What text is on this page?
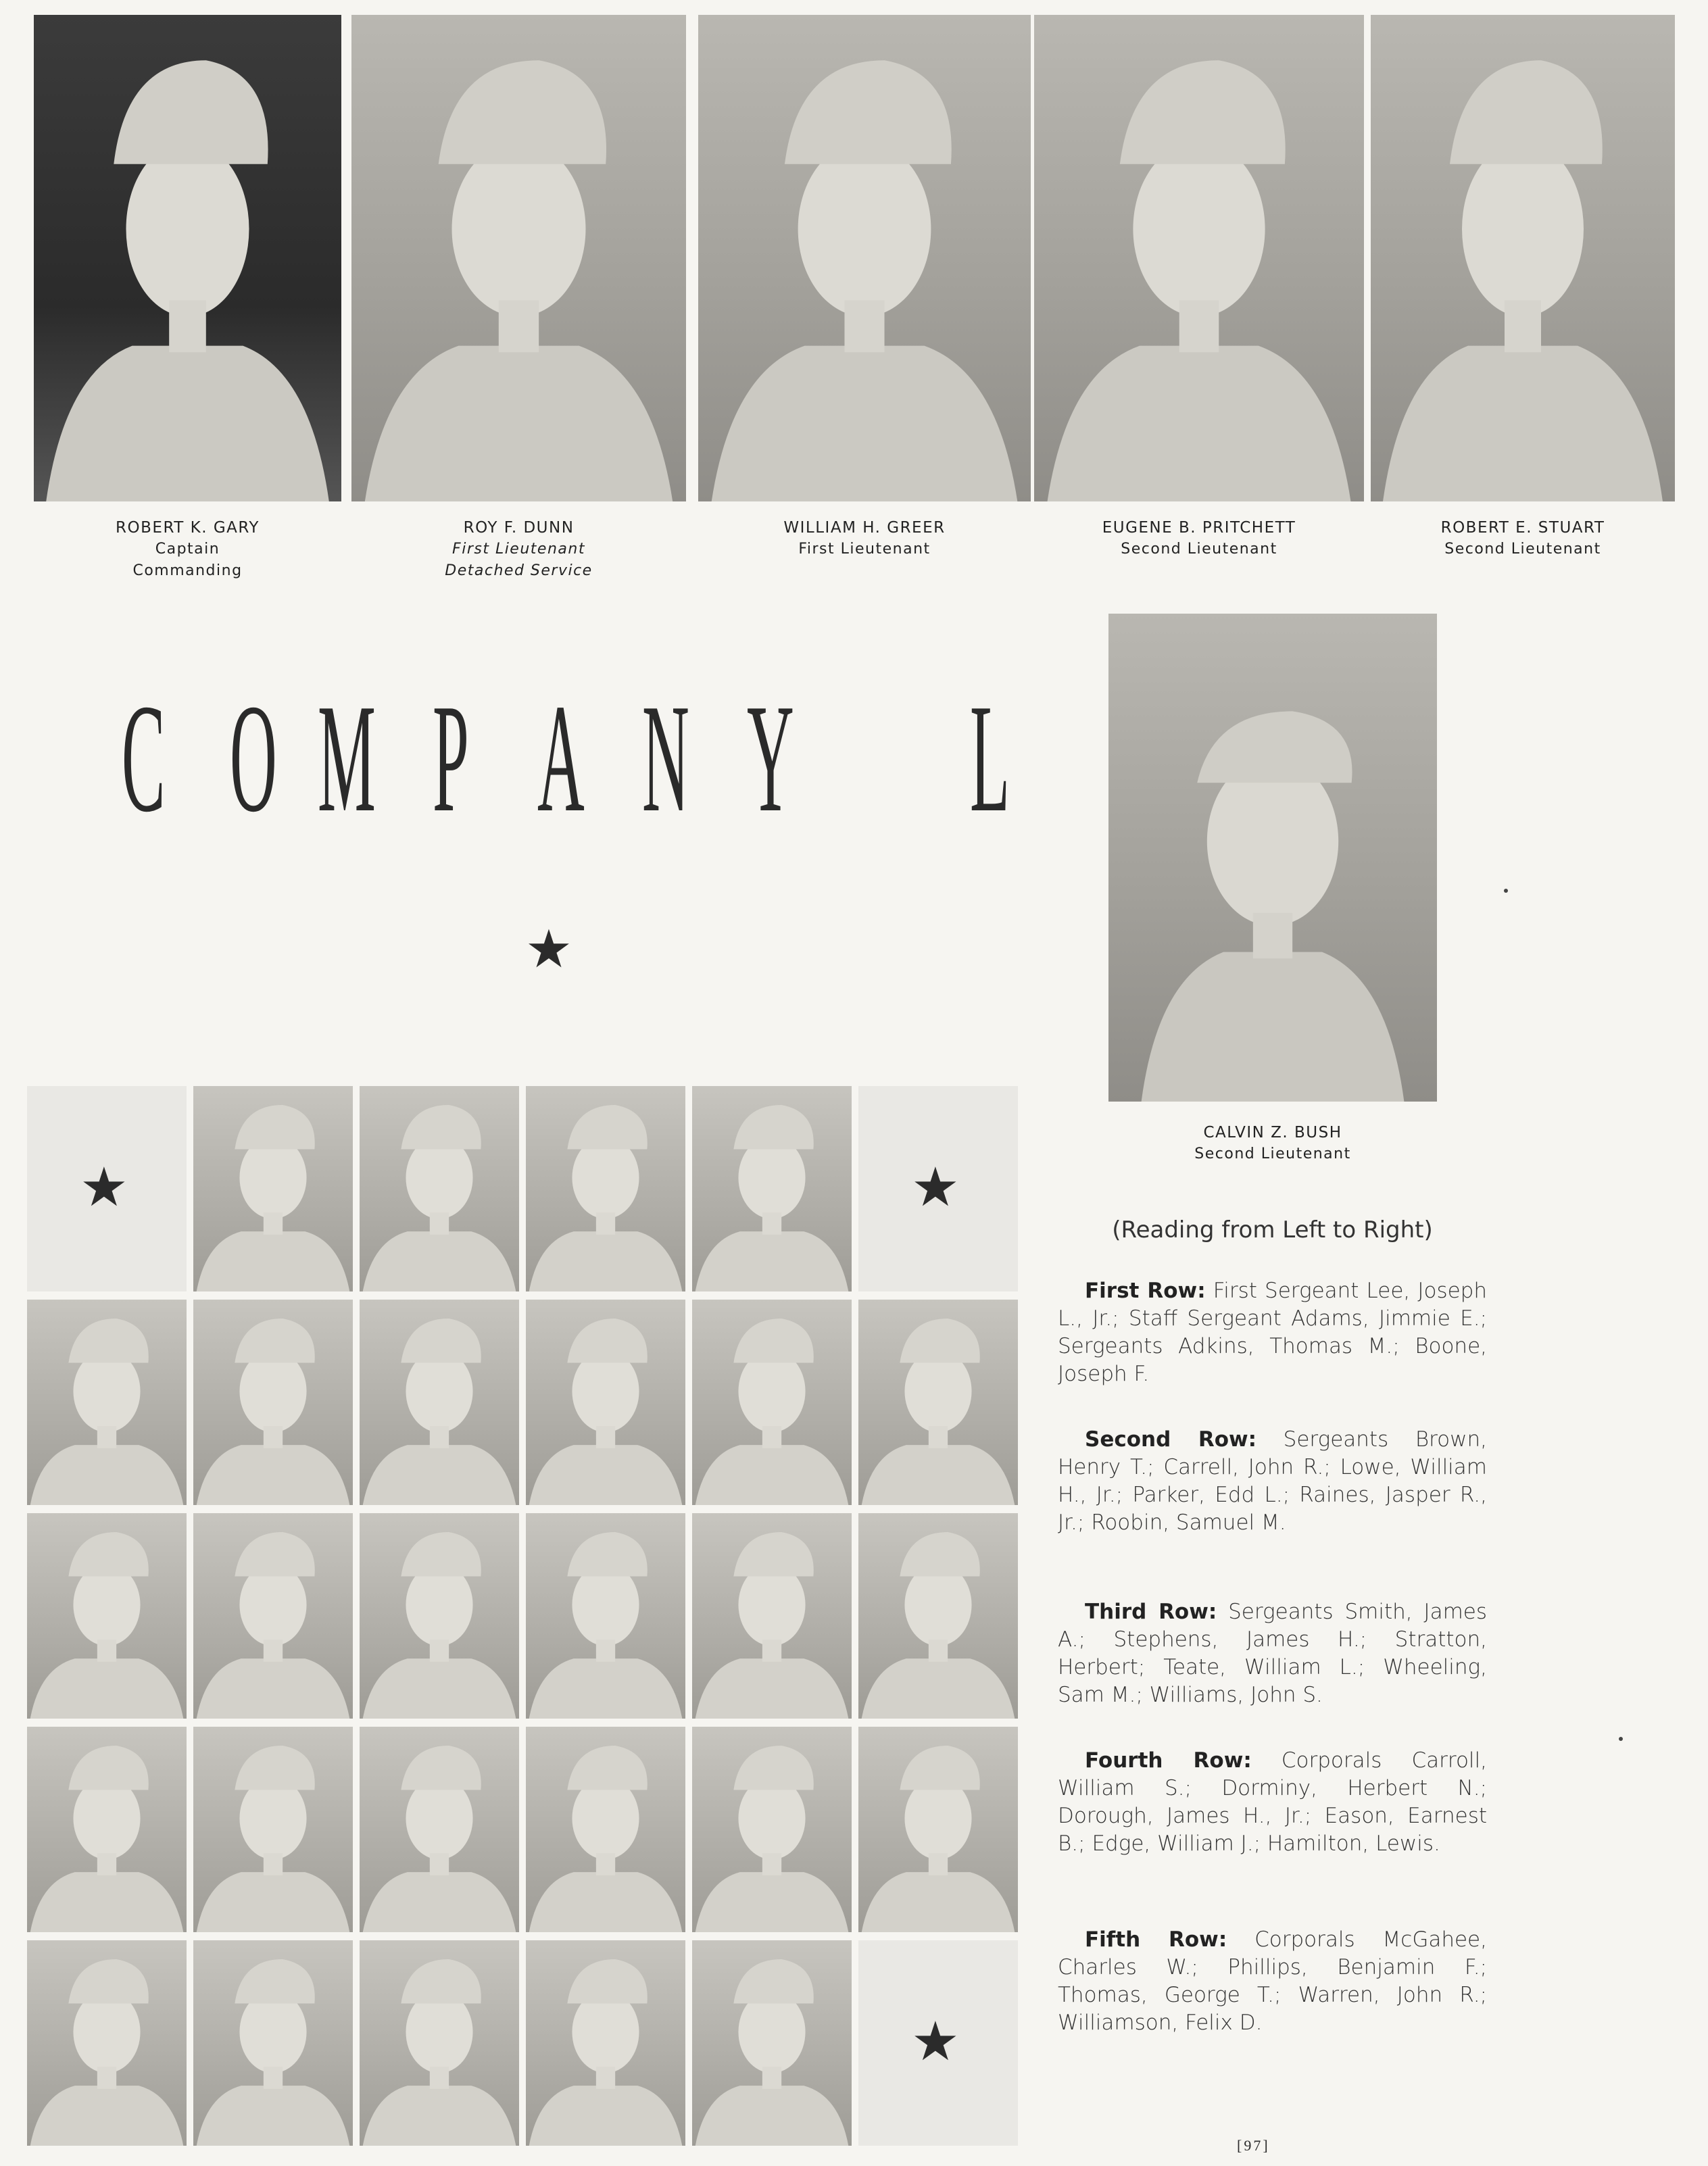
ROBERT K. GARY
Captain
Commanding
ROY F. DUNN
First Lieutenant
Detached Service
WILLIAM H. GREER
First Lieutenant
EUGENE B. PRITCHETT
Second Lieutenant
ROBERT E. STUART
Second Lieutenant
CALVIN Z. BUSH
Second Lieutenant
C O M P A N Y L
★
★	★
★
(Reading from Left to Right)
First Row: First Sergeant Lee, Joseph L., Jr.; Staff Sergeant Adams, Jimmie E.; Sergeants Adkins, Thomas M.; Boone, Joseph F.
Second Row: Sergeants Brown, Henry T.; Carrell, John R.; Lowe, William H., Jr.; Parker, Edd L.; Raines, Jasper R., Jr.; Roobin, Samuel M.
Third Row: Sergeants Smith, James A.; Stephens, James H.; Stratton, Herbert; Teate, William L.; Wheeling, Sam M.; Williams, John S.
Fourth Row: Corporals Carroll, William S.; Dorminy, Herbert N.; Dorough, James H., Jr.; Eason, Earnest B.; Edge, William J.; Hamilton, Lewis.
Fifth Row: Corporals McGahee, Charles W.; Phillips, Benjamin F.; Thomas, George T.; Warren, John R.; Williamson, Felix D.
[97]
